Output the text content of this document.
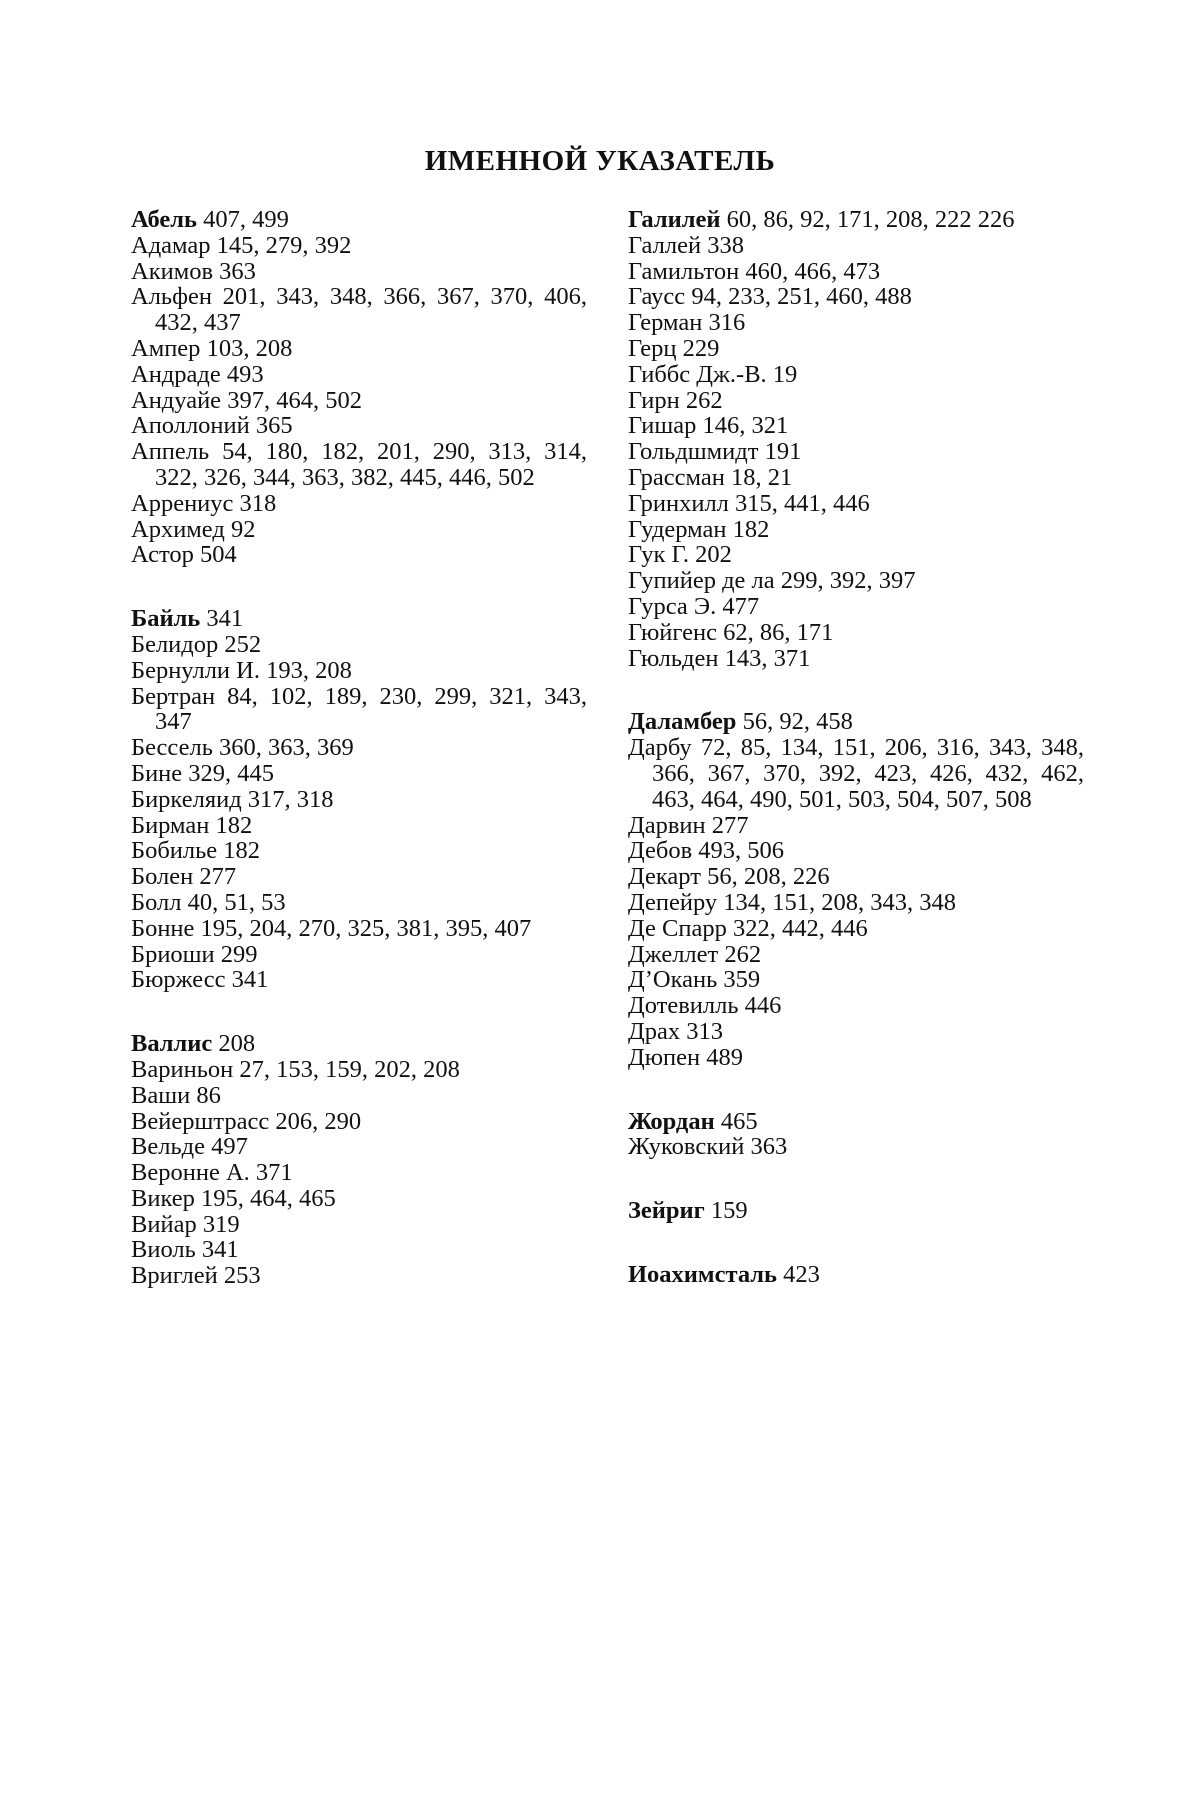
ИМЕННОЙ УКАЗАТЕЛЬ
Абель 407, 499
Адамар 145, 279, 392
Акимов 363
Альфен 201, 343, 348, 366, 367, 370, 406, 432, 437
Ампер 103, 208
Андраде 493
Андуайе 397, 464, 502
Аполлоний 365
Аппель 54, 180, 182, 201, 290, 313, 314, 322, 326, 344, 363, 382, 445, 446, 502
Аррениус 318
Архимед 92
Астор 504
Байль 341
Белидор 252
Бернулли И. 193, 208
Бертран 84, 102, 189, 230, 299, 321, 343, 347
Бессель 360, 363, 369
Бине 329, 445
Биркеляид 317, 318
Бирман 182
Бобилье 182
Болен 277
Болл 40, 51, 53
Бонне 195, 204, 270, 325, 381, 395, 407
Бриоши 299
Бюржесс 341
Валлис 208
Вариньон 27, 153, 159, 202, 208
Ваши 86
Вейерштрасс 206, 290
Вельде 497
Веронне А. 371
Викер 195, 464, 465
Вийар 319
Виоль 341
Вриглей 253
Галилей 60, 86, 92, 171, 208, 222 226
Галлей 338
Гамильтон 460, 466, 473
Гаусс 94, 233, 251, 460, 488
Герман 316
Герц 229
Гиббс Дж.-В. 19
Гирн 262
Гишар 146, 321
Гольдшмидт 191
Грассман 18, 21
Гринхилл 315, 441, 446
Гудерман 182
Гук Г. 202
Гупийер де ла 299, 392, 397
Гурса Э. 477
Гюйгенс 62, 86, 171
Гюльден 143, 371
Даламбер 56, 92, 458
Дарбу 72, 85, 134, 151, 206, 316, 343, 348, 366, 367, 370, 392, 423, 426, 432, 462, 463, 464, 490, 501, 503, 504, 507, 508
Дарвин 277
Дебов 493, 506
Декарт 56, 208, 226
Депейру 134, 151, 208, 343, 348
Де Спарр 322, 442, 446
Джеллет 262
Д’Окань 359
Дотевилль 446
Драх 313
Дюпен 489
Жордан 465
Жуковский 363
Зейриг 159
Иоахимсталь 423
